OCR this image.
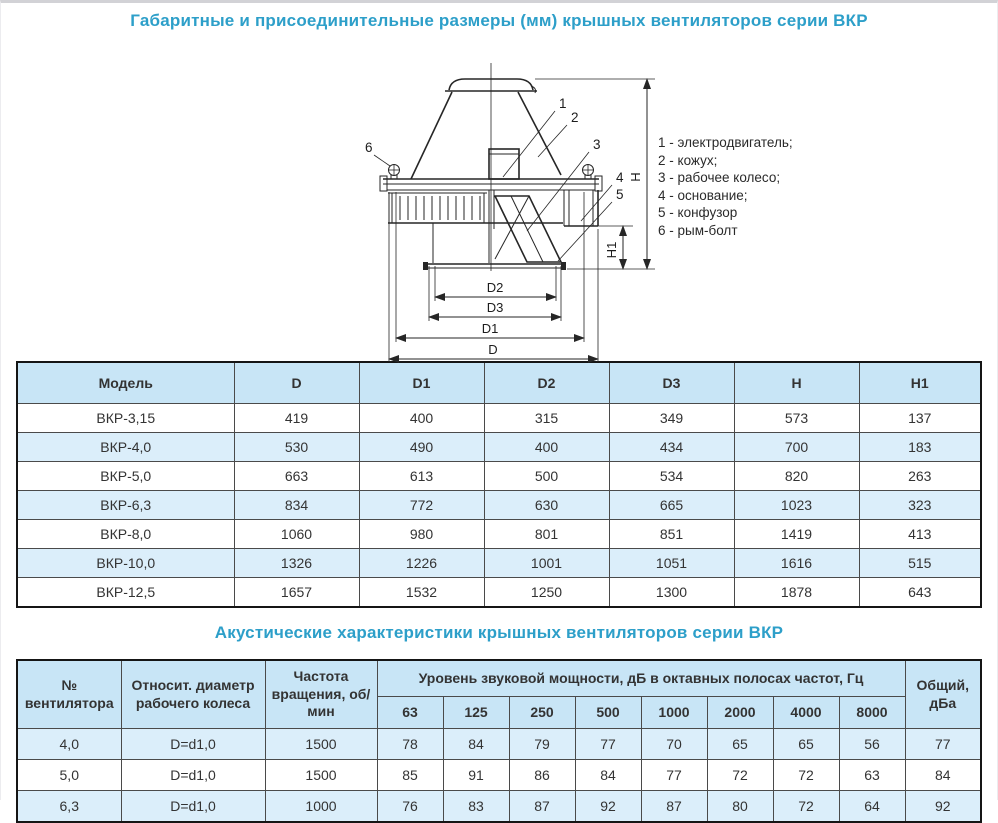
Габаритные и присоединительные размеры (мм) крышных вентиляторов серии ВКР
D2
D3
D1
D
Н
Н1
1
2
3
4
5
6	1 - электродвигатель;
2 - кожух;
3 - рабочее колесо;
4 - основание;
5 - конфузор
6 - рым-болт
Модель	D	D1	D2	D3	H	H1
ВКР-3,15	419	400	315	349	573	137
ВКР-4,0	530	490	400	434	700	183
ВКР-5,0	663	613	500	534	820	263
ВКР-6,3	834	772	630	665	1023	323
ВКР-8,0	1060	980	801	851	1419	413
ВКР-10,0	1326	1226	1001	1051	1616	515
ВКР-12,5	1657	1532	1250	1300	1878	643
Акустические характеристики крышных вентиляторов серии ВКР
№ вентилятора	Относит. диаметр рабочего колеса	Частота вращения, об/мин	Уровень звуковой мощности, дБ в октавных полосах частот, Гц								Общий, дБа
			63	125	250	500	1000	2000	4000	8000	
4,0	D=d1,0	1500	78	84	79	77	70	65	65	56	77
5,0	D=d1,0	1500	85	91	86	84	77	72	72	63	84
6,3	D=d1,0	1000	76	83	87	92	87	80	72	64	92
